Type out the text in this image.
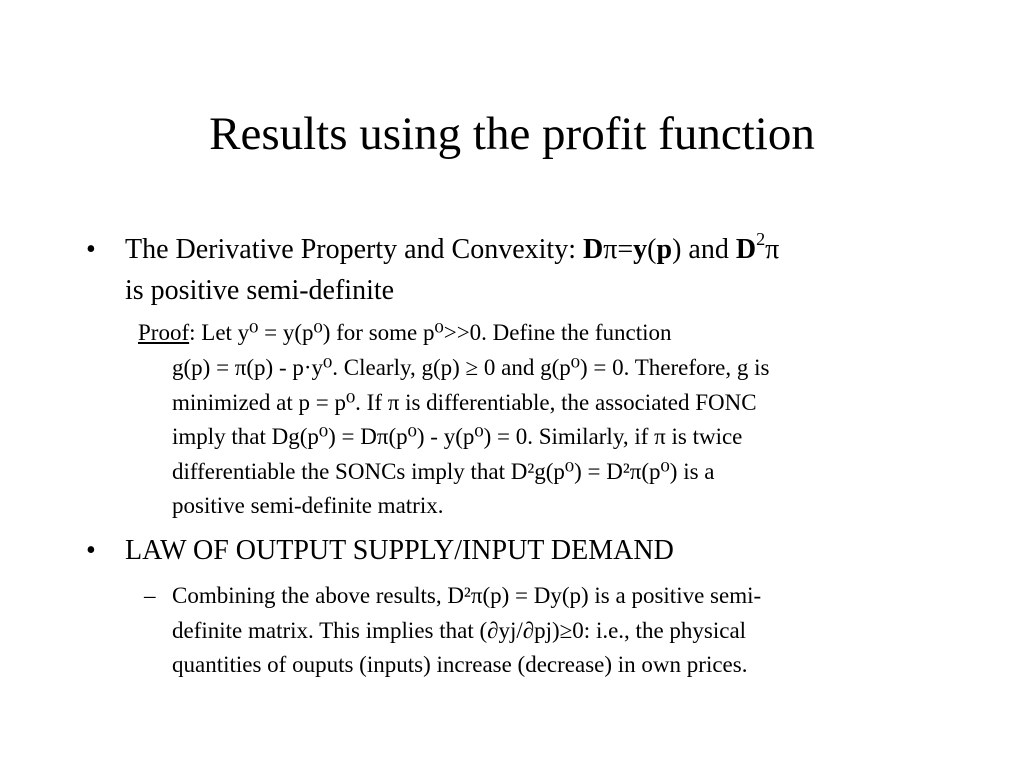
Results using the profit function
• The Derivative Property and Convexity: Dπ=y(p) and $D^2\pi$
is positive semi-definite
Proof: Let y⁰ = y(p⁰) for some p⁰>>0. Define the function
g(p) = π(p) - p·y⁰. Clearly, g(p) ≥ 0 and g(p⁰) = 0. Therefore, g is
minimized at p = p⁰. If π is differentiable, the associated FONC
imply that Dg(p⁰) = Dπ(p⁰) - y(p⁰) = 0. Similarly, if π is twice
differentiable the SONCs imply that D²g(p⁰) = D²π(p⁰) is a
positive semi-definite matrix.
• LAW OF OUTPUT SUPPLY/INPUT DEMAND
– Combining the above results, D²π(p) = Dy(p) is a positive semi-
definite matrix. This implies that (∂yj/∂pj)≥0: i.e., the physical
quantities of ouputs (inputs) increase (decrease) in own prices.
